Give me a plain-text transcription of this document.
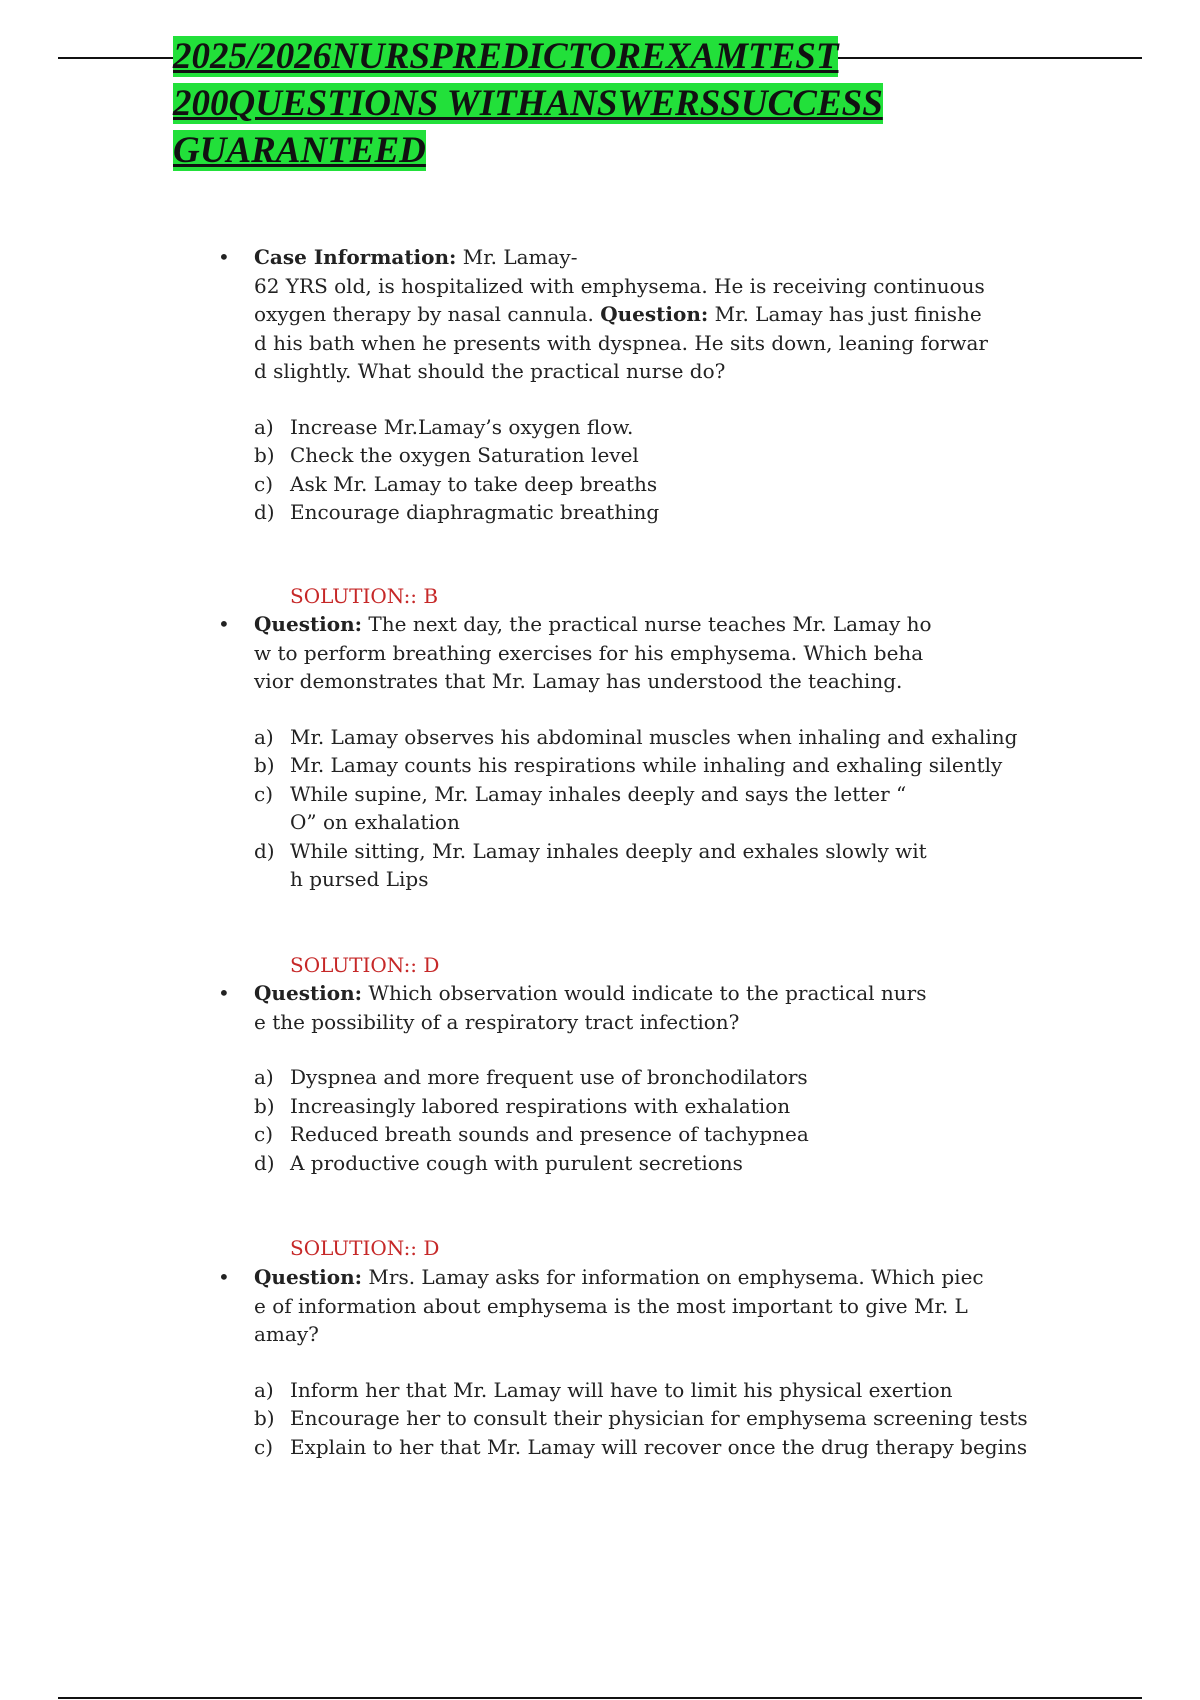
2025/2026NURSPREDICTOREXAMTEST
200QUESTIONS WITHANSWERSSUCCESS
GUARANTEED
• Case Information: Mr. Lamay-
62 YRS old, is hospitalized with emphysema. He is receiving continuous
oxygen therapy by nasal cannula. Question: Mr. Lamay has just finishe
d his bath when he presents with dyspnea. He sits down, leaning forwar
d slightly. What should the practical nurse do?
a) Increase Mr.Lamay’s oxygen flow.
b) Check the oxygen Saturation level
c) Ask Mr. Lamay to take deep breaths
d) Encourage diaphragmatic breathing
SOLUTION:: B
• Question: The next day, the practical nurse teaches Mr. Lamay ho
w to perform breathing exercises for his emphysema. Which beha
vior demonstrates that Mr. Lamay has understood the teaching.
a) Mr. Lamay observes his abdominal muscles when inhaling and exhaling
b) Mr. Lamay counts his respirations while inhaling and exhaling silently
c) While supine, Mr. Lamay inhales deeply and says the letter “
O” on exhalation
d) While sitting, Mr. Lamay inhales deeply and exhales slowly wit
h pursed Lips
SOLUTION:: D
• Question: Which observation would indicate to the practical nurs
e the possibility of a respiratory tract infection?
a) Dyspnea and more frequent use of bronchodilators
b) Increasingly labored respirations with exhalation
c) Reduced breath sounds and presence of tachypnea
d) A productive cough with purulent secretions
SOLUTION:: D
• Question: Mrs. Lamay asks for information on emphysema. Which piec
e of information about emphysema is the most important to give Mr. L
amay?
a) Inform her that Mr. Lamay will have to limit his physical exertion
b) Encourage her to consult their physician for emphysema screening tests
c) Explain to her that Mr. Lamay will recover once the drug therapy begins
